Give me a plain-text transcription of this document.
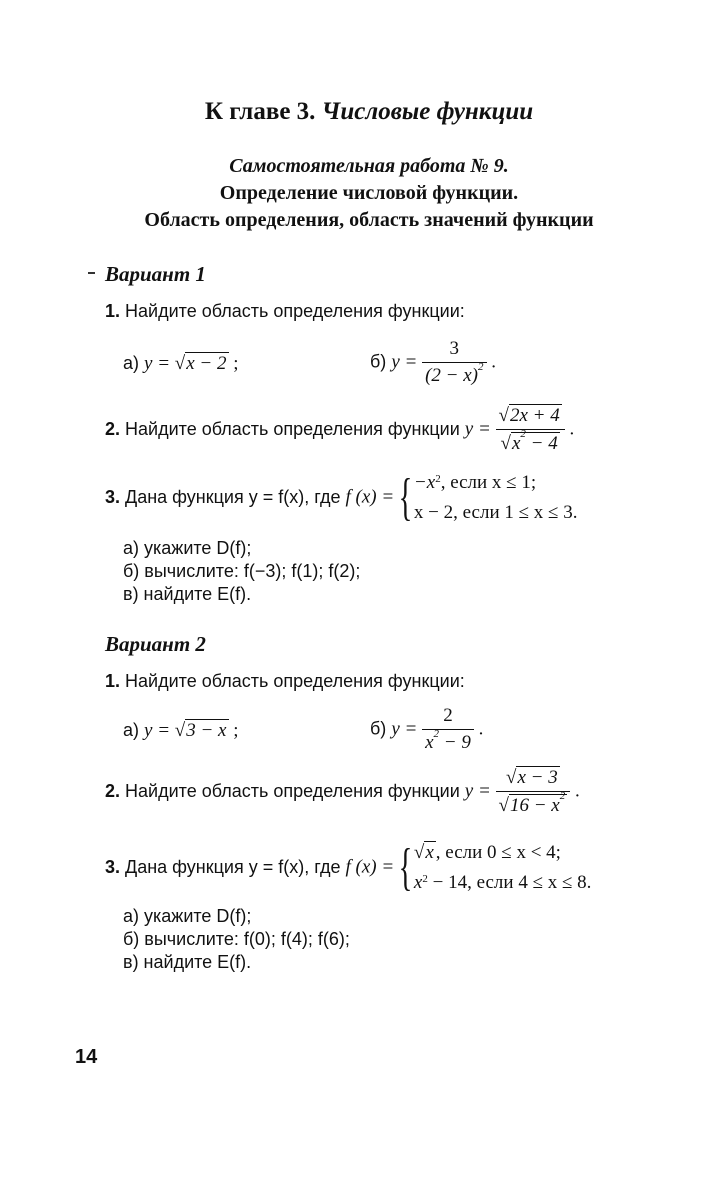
К главе 3. Числовые функции
Самостоятельная работа № 9.
Определение числовой функции.
Область определения, область значений функции
Вариант 1
1. Найдите область определения функции:
а) y = √x − 2 ;	б) $y = \frac{3}{(2 - x)^2}$ .
2. Найдите область определения функции $y = \frac{√2x + 4}{√x^2 - 4}$ .
3. Дана функция y = f(x), где f (x) = { $-x^2$, если x ≤ 1;
x − 2, если 1 ≤ x ≤ 3.
а) укажите D(f);
б) вычислите: f(−3); f(1); f(2);
в) найдите E(f).
Вариант 2
1. Найдите область определения функции:
а) y = √3 − x ;	б) $y = \frac{2}{x^2 - 9}$ .
2. Найдите область определения функции $y = \frac{√x - 3}{√16 - x^2}$ .
3. Дана функция y = f(x), где f (x) = { √x , если 0 ≤ x < 4;
$x^2 - 14$, если 4 ≤ x ≤ 8.
а) укажите D(f);
б) вычислите: f(0); f(4); f(6);
в) найдите E(f).
14
